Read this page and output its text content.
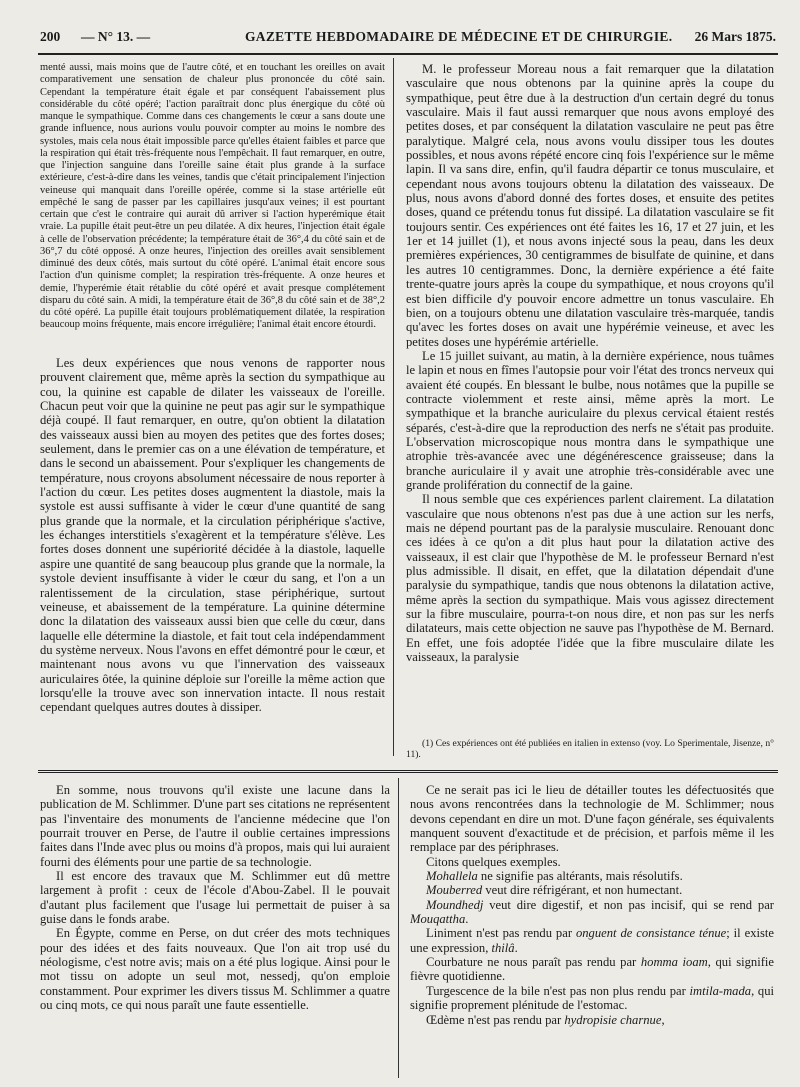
200 — N° 13. —	GAZETTE HEBDOMADAIRE DE MÉDECINE ET DE CHIRURGIE. 26 Mars 1875.

menté aussi, mais moins que de l'autre côté, et en touchant les oreilles on avait comparativement une sensation de chaleur plus prononcée du côté sain. Cependant la température était égale et par conséquent l'abaissement plus considérable du côté opéré; l'action paraîtrait donc plus énergique du côté où manque le sympathique. Comme dans ces changements le cœur a sans doute une grande influence, nous aurions voulu pouvoir compter au moins le nombre des systoles, mais cela nous était impossible parce qu'elles étaient faibles et parce que la respiration qui était très-fréquente nous l'empêchait. Il faut remarquer, en outre, que l'injection sanguine dans l'oreille saine était plus grande à la surface extérieure, c'est-à-dire dans les veines, tandis que c'était principalement l'injection veineuse qui manquait dans l'oreille opérée, comme si la stase artérielle eût empêché le sang de passer par les capillaires jusqu'aux veines; il est pourtant certain que c'est le contraire qui aurait dû arriver si l'action hyperémique était vraie. La pupille était peut-être un peu dilatée. A dix heures, l'injection était égale à celle de l'observation précédente; la température était de 36°,4 du côté sain et de 36°,7 du côté opposé. A onze heures, l'injection des oreilles avait sensiblement diminué des deux côtés, mais surtout du côté opéré. L'animal était encore sous l'action d'un quinisme complet; la respiration très-fréquente. A onze heures et demie, l'hyperémie était rétablie du côté opéré et avait presque complétement disparu du côté sain. A midi, la température était de 36°,8 du côté sain et de 38°,2 du côté opéré. La pupille était toujours problématiquement dilatée, la respiration beaucoup moins fréquente, mais encore irrégulière; l'animal était encore étourdi.

Les deux expériences que nous venons de rapporter nous prouvent clairement que, même après la section du sympathique au cou, la quinine est capable de dilater les vaisseaux de l'oreille. Chacun peut voir que la quinine ne peut pas agir sur le sympathique déjà coupé. Il faut remarquer, en outre, qu'on obtient la dilatation des vaisseaux aussi bien au moyen des petites que des fortes doses; seulement, dans le premier cas on a une élévation de température, et dans le second un abaissement. Pour s'expliquer les changements de température, nous croyons absolument nécessaire de nous reporter à l'action du cœur. Les petites doses augmentent la diastole, mais la systole est aussi suffisante à vider le cœur d'une quantité de sang plus grande que la normale, et la circulation périphérique s'active, les échanges interstitiels s'exagèrent et la température s'élève. Les fortes doses donnent une supériorité décidée à la diastole, laquelle aspire une quantité de sang beaucoup plus grande que la normale, la systole devient insuffisante à vider le cœur du sang, et l'on a un ralentissement de la circulation, stase périphérique, surtout veineuse, et abaissement de la température. La quinine détermine donc la dilatation des vaisseaux aussi bien que celle du cœur, dans laquelle elle détermine la diastole, et fait tout cela indépendamment du système nerveux. Nous l'avons en effet démontré pour le cœur, et maintenant nous avons vu que l'innervation des vaisseaux auriculaires ôtée, la quinine déploie sur l'oreille la même action que lorsqu'elle la trouve avec son innervation intacte. Il nous restait cependant quelques autres doutes à dissiper.

M. le professeur Moreau nous a fait remarquer que la dilatation vasculaire que nous obtenons par la quinine après la coupe du sympathique, peut être due à la destruction d'un certain degré du tonus vasculaire. Mais il faut aussi remarquer que nous avons employé des petites doses, et par conséquent la dilatation vasculaire ne peut pas être paralytique. Malgré cela, nous avons voulu dissiper tous les doutes possibles, et nous avons répété encore cinq fois l'expérience sur le même lapin. Il va sans dire, enfin, qu'il faudra départir ce tonus musculaire, et cependant nous avons toujours obtenu la dilatation des vaisseaux. De plus, nous avons d'abord donné des fortes doses, et ensuite des petites doses, quand ce prétendu tonus fut dissipé. La dilatation vasculaire se fit toujours sentir. Ces expériences ont été faites les 16, 17 et 27 juin, et les 1er et 14 juillet (1), et nous avons injecté sous la peau, dans les deux premières expériences, 30 centigrammes de bisulfate de quinine, et dans les autres 10 centigrammes. Donc, la dernière expérience a été faite trente-quatre jours après la coupe du sympathique, et nous croyons qu'il est bien difficile d'y pouvoir encore admettre un tonus vasculaire. Eh bien, on a toujours obtenu une dilatation vasculaire très-marquée, tandis qu'avec les fortes doses on avait une hypérémie veineuse, et avec les petites doses une hypérémie artérielle.

Le 15 juillet suivant, au matin, à la dernière expérience, nous tuâmes le lapin et nous en fîmes l'autopsie pour voir l'état des troncs nerveux qui avaient été coupés. En blessant le bulbe, nous notâmes que la pupille se contracte violemment et reste ainsi, même après la mort. Le sympathique et la branche auriculaire du plexus cervical étaient restés séparés, c'est-à-dire que la reproduction des nerfs ne s'était pas produite. L'observation microscopique nous montra dans le sympathique une atrophie très-avancée avec une dégénérescence graisseuse; dans la branche auriculaire il y avait une atrophie très-considérable avec une grande prolifération du connectif de la gaine.

Il nous semble que ces expériences parlent clairement. La dilatation vasculaire que nous obtenons n'est pas due à une action sur les nerfs, mais ne dépend pourtant pas de la paralysie musculaire. Renouant donc ces idées à ce qu'on a dit plus haut pour la dilatation active des vaisseaux, il est clair que l'hypothèse de M. le professeur Bernard n'est plus admissible. Il disait, en effet, que la dilatation dépendait d'une paralysie du sympathique, tandis que nous obtenons la dilatation active, même après la section du sympathique. Mais vous agissez directement sur la fibre musculaire, pourra-t-on nous dire, et non pas sur les nerfs dilatateurs, mais cette objection ne sauve pas l'hypothèse de M. Bernard. En effet, une fois adoptée l'idée que la fibre musculaire dilate les vaisseaux, la paralysie

(1) Ces expériences ont été publiées en italien in extenso (voy. Lo Sperimentale, Jisenze, n° 11).

En somme, nous trouvons qu'il existe une lacune dans la publication de M. Schlimmer. D'une part ses citations ne représentent pas l'inventaire des monuments de l'ancienne médecine que l'on pourrait trouver en Perse, de l'autre il oublie certaines impressions faites dans l'Inde avec plus ou moins d'à propos, mais qui lui auraient fourni des éléments pour une partie de sa technologie.

Il est encore des travaux que M. Schlimmer eut dû mettre largement à profit : ceux de l'école d'Abou-Zabel. Il le pouvait d'autant plus facilement que l'usage lui permettait de puiser à sa guise dans le fonds arabe.

En Égypte, comme en Perse, on dut créer des mots techniques pour des idées et des faits nouveaux. Que l'on ait trop usé du néologisme, c'est notre avis; mais on a été plus logique. Ainsi pour le mot tissu on adopte un seul mot, nessedj, qu'on emploie constamment. Pour exprimer les divers tissus M. Schlimmer a quatre ou cinq mots, ce qui nous paraît une faute essentielle.

Ce ne serait pas ici le lieu de détailler toutes les défectuosités que nous avons rencontrées dans la technologie de M. Schlimmer; nous devons cependant en dire un mot. D'une façon générale, ses équivalents manquent souvent d'exactitude et de précision, et parfois même il les remplace par des périphrases.

Citons quelques exemples.

Mohallela ne signifie pas altérants, mais résolutifs.

Mouberred veut dire réfrigérant, et non humectant.

Moundhedj veut dire digestif, et non pas incisif, qui se rend par Mouqattha.

Liniment n'est pas rendu par onguent de consistance ténue; il existe une expression, thilâ.

Courbature ne nous paraît pas rendu par homma ioam, qui signifie fièvre quotidienne.

Turgescence de la bile n'est pas non plus rendu par imtila-mada, qui signifie proprement plénitude de l'estomac.

Œdème n'est pas rendu par hydropisie charnue,
